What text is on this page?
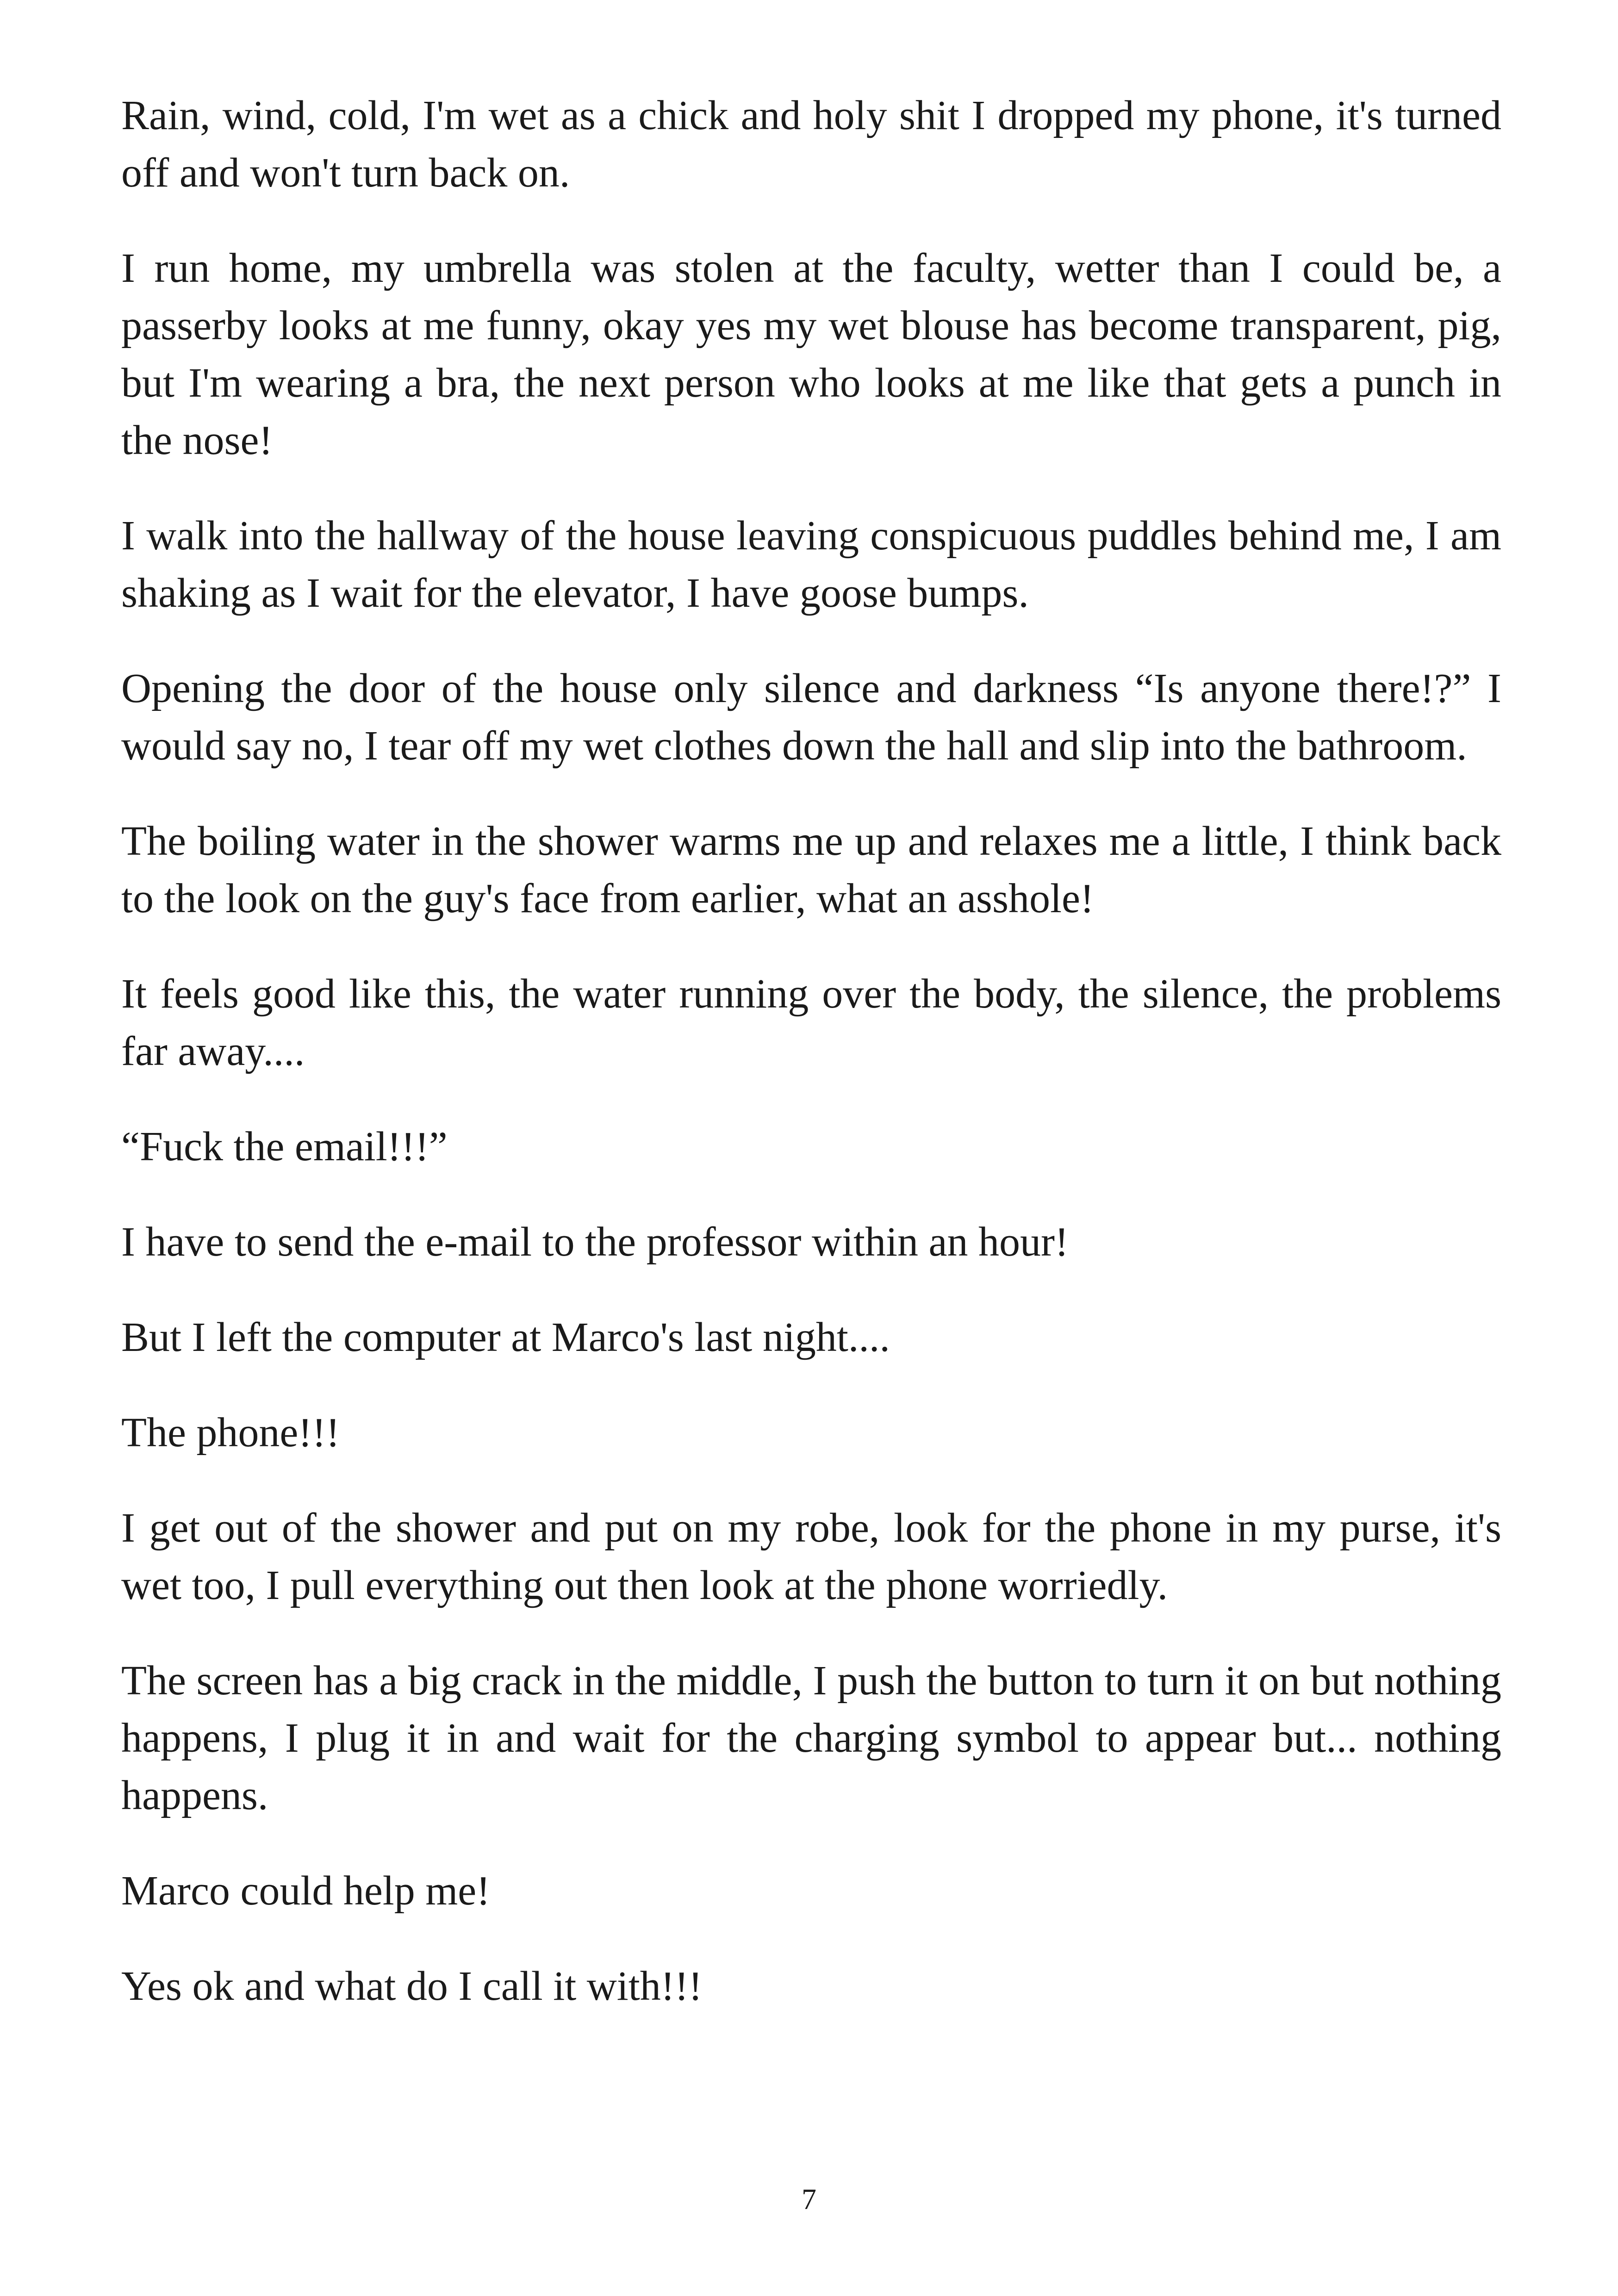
Rain, wind, cold, I'm wet as a chick and holy shit I dropped my phone, it's turned off and won't turn back on.

I run home, my umbrella was stolen at the faculty, wetter than I could be, a passerby looks at me funny, okay yes my wet blouse has become transparent, pig, but I'm wearing a bra, the next person who looks at me like that gets a punch in the nose!

I walk into the hallway of the house leaving conspicuous puddles behind me, I am shaking as I wait for the elevator, I have goose bumps.

Opening the door of the house only silence and darkness “Is anyone there!?” I would say no, I tear off my wet clothes down the hall and slip into the bathroom.

The boiling water in the shower warms me up and relaxes me a little, I think back to the look on the guy's face from earlier, what an asshole!

It feels good like this, the water running over the body, the silence, the problems far away....

“Fuck the email!!!”

I have to send the e-mail to the professor within an hour!

But I left the computer at Marco's last night....

The phone!!!

I get out of the shower and put on my robe, look for the phone in my purse, it's wet too, I pull everything out then look at the phone worriedly.

The screen has a big crack in the middle, I push the button to turn it on but nothing happens, I plug it in and wait for the charging symbol to appear but... nothing happens.

Marco could help me!

Yes ok and what do I call it with!!!

7
